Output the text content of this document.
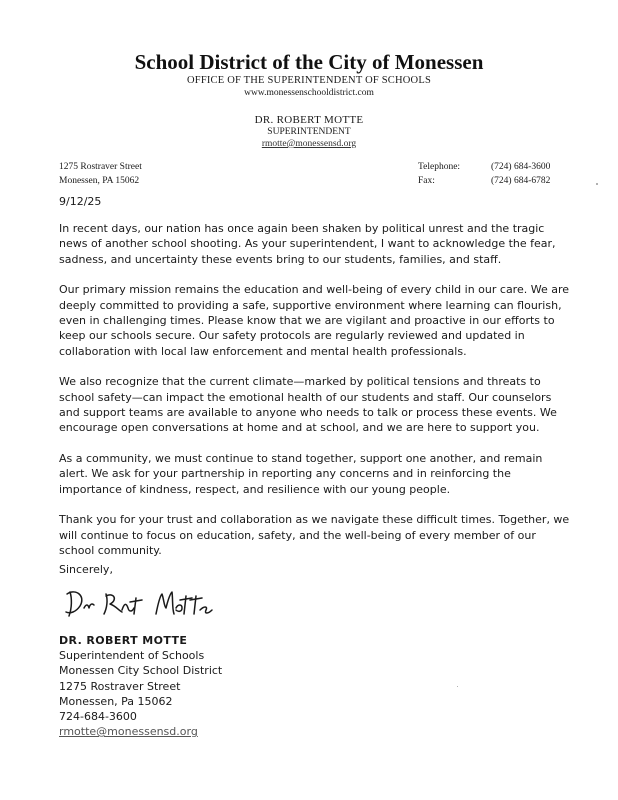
School District of the City of Monessen
OFFICE OF THE SUPERINTENDENT OF SCHOOLS
www.monessenschooldistrict.com
DR. ROBERT MOTTE
SUPERINTENDENT
rmotte@monessensd.org
1275 Rostraver Street
Monessen, PA 15062
Telephone:	(724) 684-3600
Fax:	(724) 684-6782
9/12/25

In recent days, our nation has once again been shaken by political unrest and the tragic news of another school shooting. As your superintendent, I want to acknowledge the fear, sadness, and uncertainty these events bring to our students, families, and staff.

Our primary mission remains the education and well-being of every child in our care. We are deeply committed to providing a safe, supportive environment where learning can flourish, even in challenging times. Please know that we are vigilant and proactive in our efforts to keep our schools secure. Our safety protocols are regularly reviewed and updated in collaboration with local law enforcement and mental health professionals.

We also recognize that the current climate—marked by political tensions and threats to school safety—can impact the emotional health of our students and staff. Our counselors and support teams are available to anyone who needs to talk or process these events. We encourage open conversations at home and at school, and we are here to support you.

As a community, we must continue to stand together, support one another, and remain alert. We ask for your partnership in reporting any concerns and in reinforcing the importance of kindness, respect, and resilience with our young people.

Thank you for your trust and collaboration as we navigate these difficult times. Together, we will continue to focus on education, safety, and the well-being of every member of our school community.

Sincerely,
DR. ROBERT MOTTE
Superintendent of Schools
Monessen City School District
1275 Rostraver Street
Monessen, Pa 15062
724-684-3600
rmotte@monessensd.org
